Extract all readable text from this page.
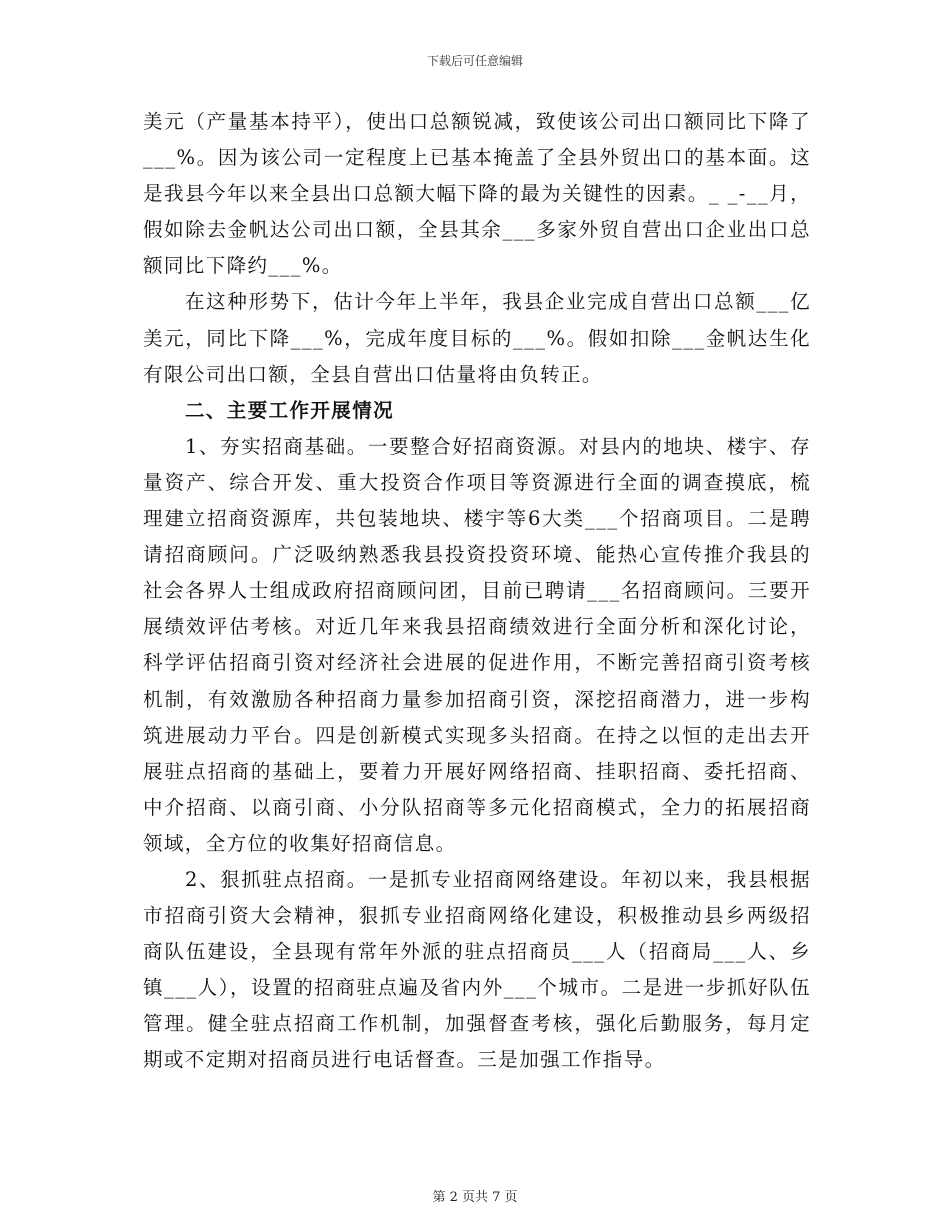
下载后可任意编辑

美元（产量基本持平），使出口总额锐减，致使该公司出口额同比下降了___%。因为该公司一定程度上已基本掩盖了全县外贸出口的基本面。这是我县今年以来全县出口总额大幅下降的最为关键性的因素。_ _-__月，假如除去金帆达公司出口额，全县其余___多家外贸自营出口企业出口总额同比下降约___%。

在这种形势下，估计今年上半年，我县企业完成自营出口总额___亿美元，同比下降___%，完成年度目标的___%。假如扣除___金帆达生化有限公司出口额，全县自营出口估量将由负转正。

二、主要工作开展情况

1、夯实招商基础。一要整合好招商资源。对县内的地块、楼宇、存量资产、综合开发、重大投资合作项目等资源进行全面的调查摸底，梳理建立招商资源库，共包装地块、楼宇等6大类___个招商项目。二是聘请招商顾问。广泛吸纳熟悉我县投资投资环境、能热心宣传推介我县的社会各界人士组成政府招商顾问团，目前已聘请___名招商顾问。三要开展绩效评估考核。对近几年来我县招商绩效进行全面分析和深化讨论，科学评估招商引资对经济社会进展的促进作用，不断完善招商引资考核机制，有效激励各种招商力量参加招商引资，深挖招商潜力，进一步构筑进展动力平台。四是创新模式实现多头招商。在持之以恒的走出去开展驻点招商的基础上，要着力开展好网络招商、挂职招商、委托招商、中介招商、以商引商、小分队招商等多元化招商模式，全力的拓展招商领域，全方位的收集好招商信息。

2、狠抓驻点招商。一是抓专业招商网络建设。年初以来，我县根据市招商引资大会精神，狠抓专业招商网络化建设，积极推动县乡两级招商队伍建设，全县现有常年外派的驻点招商员___人（招商局___人、乡镇___人），设置的招商驻点遍及省内外___个城市。二是进一步抓好队伍管理。健全驻点招商工作机制，加强督查考核，强化后勤服务，每月定期或不定期对招商员进行电话督查。三是加强工作指导。

第 2 页共 7 页
